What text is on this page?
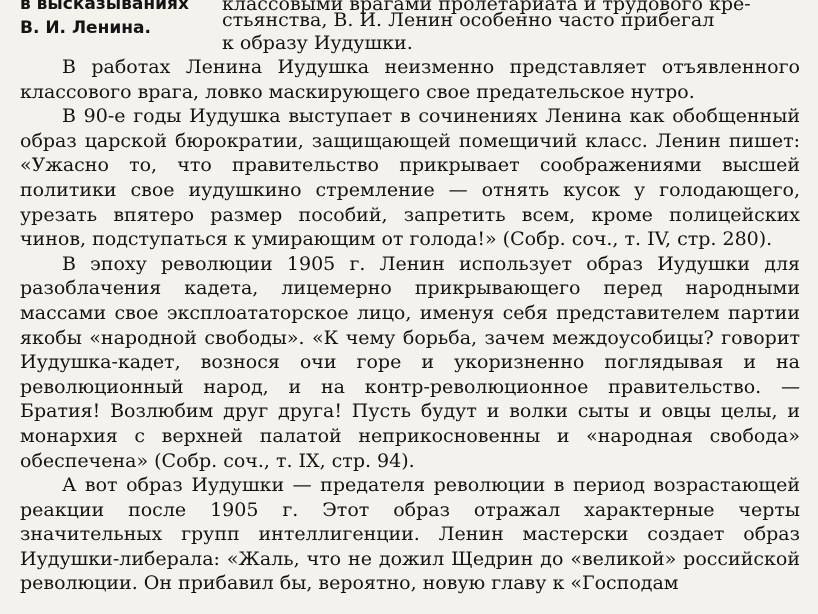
в высказываниях
В. И. Ленина.
классовыми врагами пролетариата и трудового кре-
стьянства, В. И. Ленин особенно часто прибегал
к образу Иудушки.

В работах Ленина Иудушка неизменно представляет отъявленного классового врага, ловко маскирующего свое предательское нутро.

В 90-е годы Иудушка выступает в сочинениях Ленина как обобщенный образ царской бюрократии, защищающей помещичий класс. Ленин пишет: «Ужасно то, что правительство прикрывает соображениями высшей политики свое иудушкино стремление — отнять кусок у голодающего, урезать впятеро размер пособий, запретить всем, кроме полицейских чинов, подступаться к умирающим от голода!» (Собр. соч., т. IV, стр. 280).

В эпоху революции 1905 г. Ленин использует образ Иудушки для разоблачения кадета, лицемерно прикрывающего перед народными массами свое эксплоататорское лицо, именуя себя представителем партии якобы «народной свободы». «К чему борьба, зачем междоусобицы? говорит Иудушка-кадет, вознося очи горе и укоризненно поглядывая и на революционный народ, и на контр-революционное правительство. — Братия! Возлюбим друг друга! Пусть будут и волки сыты и овцы целы, и монархия с верхней палатой неприкосновенны и «народная свобода» обеспечена» (Собр. соч., т. IX, стр. 94).

А вот образ Иудушки — предателя революции в период возрастающей реакции после 1905 г. Этот образ отражал характерные черты значительных групп интеллигенции. Ленин мастерски создает образ Иудушки-либерала: «Жаль, что не дожил Щедрин до «великой» российской революции. Он прибавил бы, вероятно, новую главу к «Господам
